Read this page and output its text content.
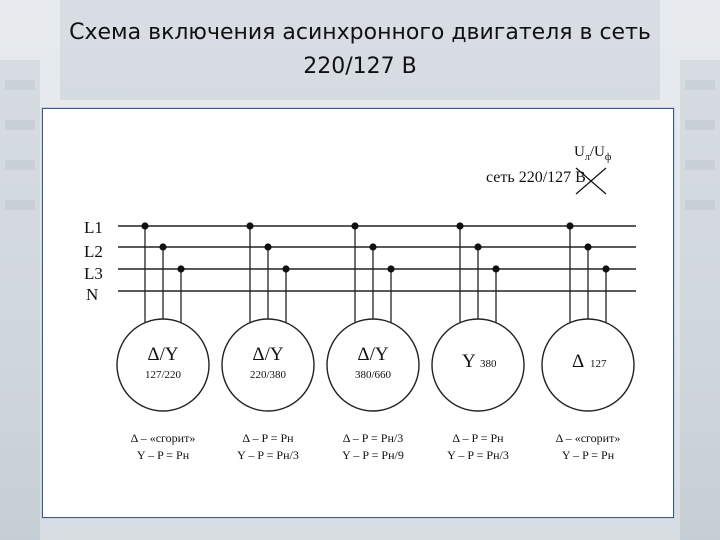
Схема включения асинхронного двигателя в сеть
220/127 В
$U_л/U_ф$
сеть 220/127 В
L1
L2
L3
N
Δ/Y
127/220
Δ – «сгорит»
Y – P = Pн
Δ/Y
220/380
Δ – P = Pн
Y – P = Pн/3
Δ/Y
380/660
Δ – P = Pн/3
Y – P = Pн/9
Y 380
Δ – P = Pн
Y – P = Pн/3
Δ 127
Δ – «сгорит»
Y – P = Pн
